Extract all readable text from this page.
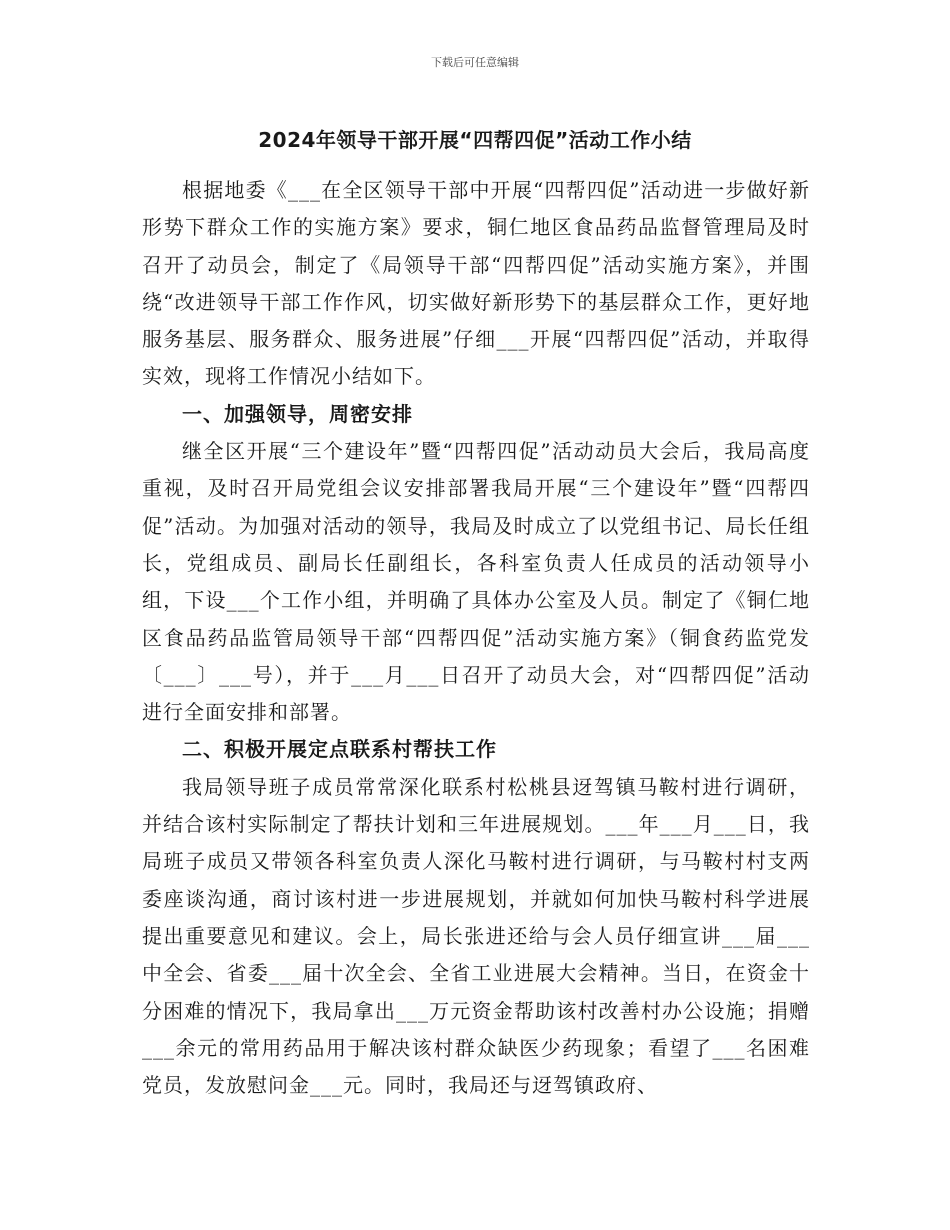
下载后可任意编辑
2024年领导干部开展“四帮四促”活动工作小结

根据地委《___在全区领导干部中开展“四帮四促”活动进一步做好新形势下群众工作的实施方案》要求，铜仁地区食品药品监督管理局及时召开了动员会，制定了《局领导干部“四帮四促”活动实施方案》，并围绕“改进领导干部工作作风，切实做好新形势下的基层群众工作，更好地服务基层、服务群众、服务进展”仔细___开展“四帮四促”活动，并取得实效，现将工作情况小结如下。

一、加强领导，周密安排

继全区开展“三个建设年”暨“四帮四促”活动动员大会后，我局高度重视，及时召开局党组会议安排部署我局开展“三个建设年”暨“四帮四促”活动。为加强对活动的领导，我局及时成立了以党组书记、局长任组长，党组成员、副局长任副组长，各科室负责人任成员的活动领导小组，下设___个工作小组，并明确了具体办公室及人员。制定了《铜仁地区食品药品监管局领导干部“四帮四促”活动实施方案》（铜食药监党发〔___〕___号），并于___月___日召开了动员大会，对“四帮四促”活动进行全面安排和部署。

二、积极开展定点联系村帮扶工作

我局领导班子成员常常深化联系村松桃县迓驾镇马鞍村进行调研，并结合该村实际制定了帮扶计划和三年进展规划。___年___月___日，我局班子成员又带领各科室负责人深化马鞍村进行调研，与马鞍村村支两委座谈沟通，商讨该村进一步进展规划，并就如何加快马鞍村科学进展提出重要意见和建议。会上，局长张进还给与会人员仔细宣讲___届___中全会、省委___届十次全会、全省工业进展大会精神。当日，在资金十分困难的情况下，我局拿出___万元资金帮助该村改善村办公设施；捐赠___余元的常用药品用于解决该村群众缺医少药现象；看望了___名困难党员，发放慰问金___元。同时，我局还与迓驾镇政府、
